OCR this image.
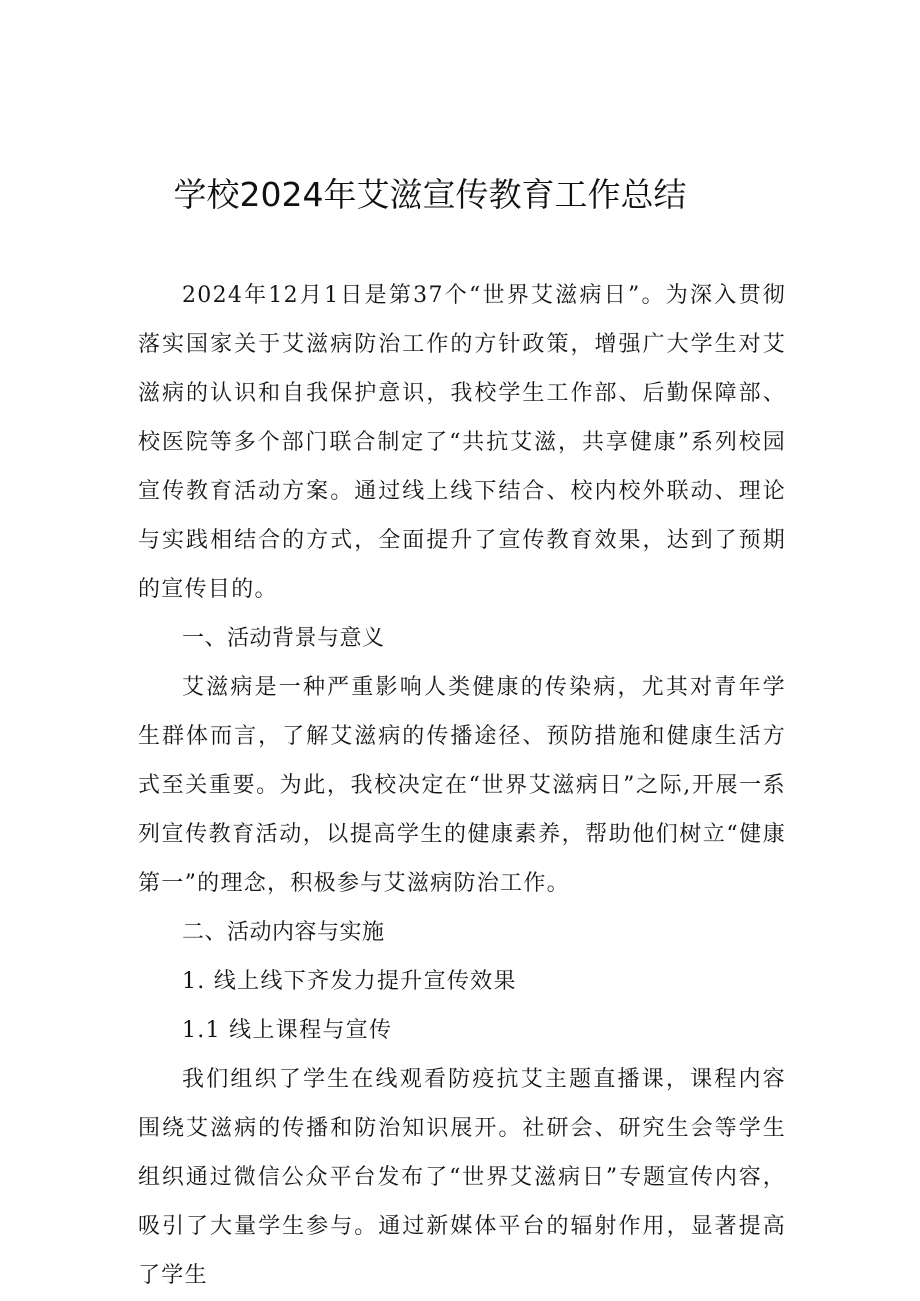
学校2024年艾滋宣传教育工作总结

2024年12月1日是第37个“世界艾滋病日”。为深入贯彻落实国家关于艾滋病防治工作的方针政策，增强广大学生对艾滋病的认识和自我保护意识，我校学生工作部、后勤保障部、校医院等多个部门联合制定了“共抗艾滋，共享健康”系列校园宣传教育活动方案。通过线上线下结合、校内校外联动、理论与实践相结合的方式，全面提升了宣传教育效果，达到了预期的宣传目的。

一、活动背景与意义

艾滋病是一种严重影响人类健康的传染病，尤其对青年学生群体而言，了解艾滋病的传播途径、预防措施和健康生活方式至关重要。为此，我校决定在“世界艾滋病日”之际,开展一系列宣传教育活动，以提高学生的健康素养，帮助他们树立“健康第一”的理念，积极参与艾滋病防治工作。

二、活动内容与实施

1. 线上线下齐发力提升宣传效果

1.1 线上课程与宣传

我们组织了学生在线观看防疫抗艾主题直播课，课程内容围绕艾滋病的传播和防治知识展开。社研会、研究生会等学生组织通过微信公众平台发布了“世界艾滋病日”专题宣传内容，吸引了大量学生参与。通过新媒体平台的辐射作用，显著提高了学生
